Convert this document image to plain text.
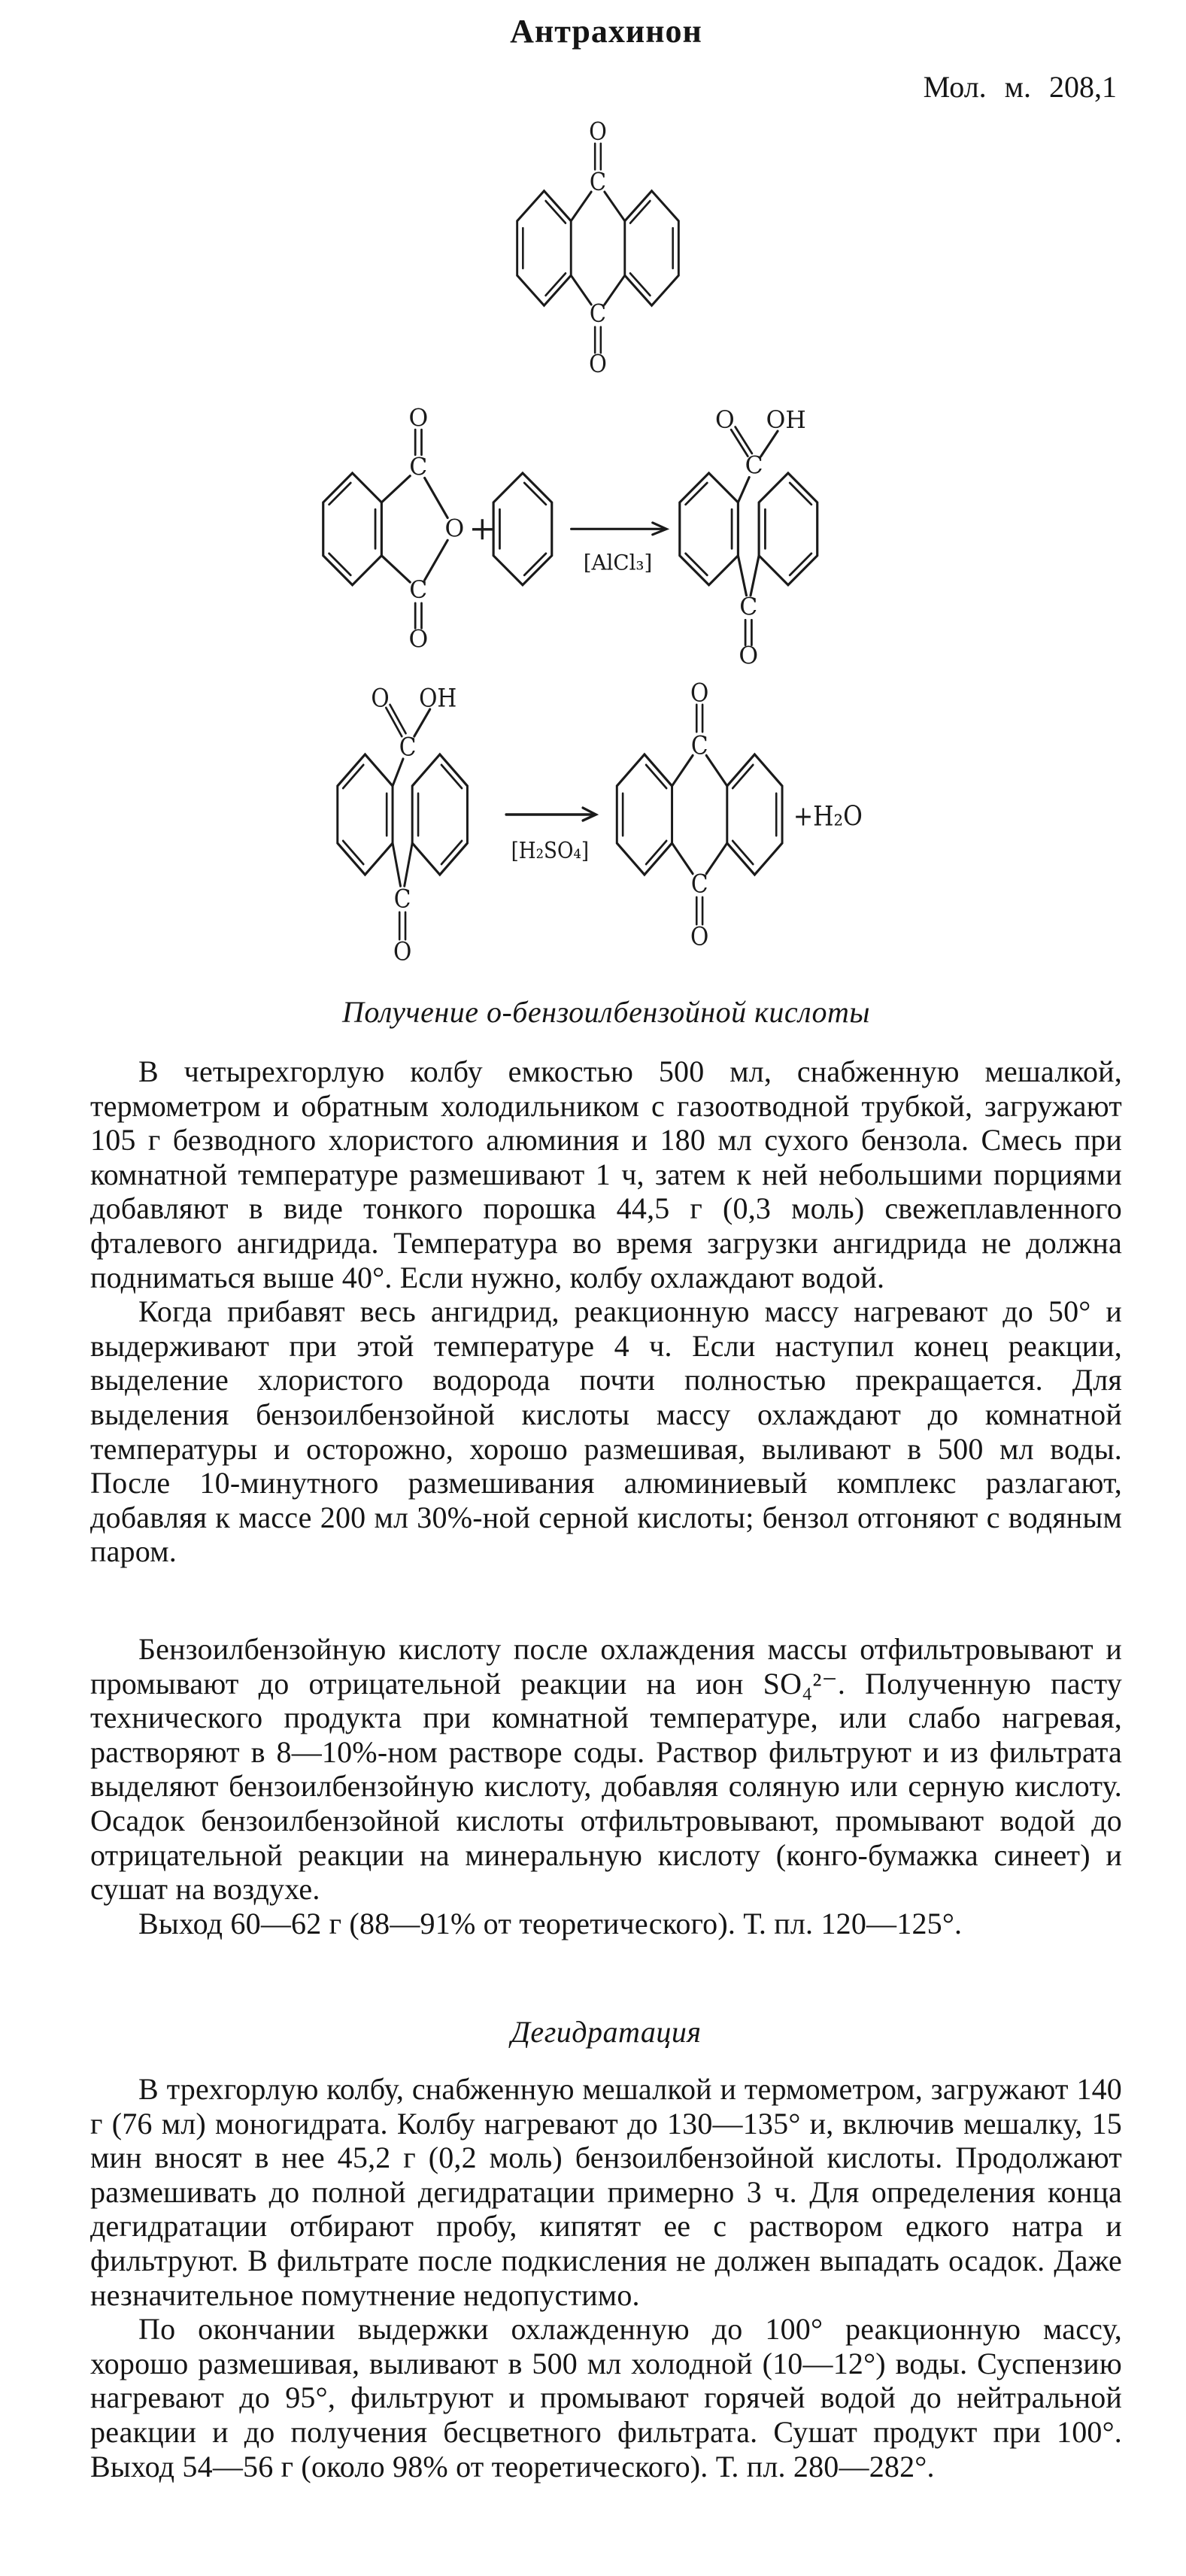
Антрахинон
Мол. м. 208,1
O
C
C
O
O
C
O
C
O
+
[AlCl₃]
O OH
C
C
O
O OH
C
C
O
[H₂SO₄]
O
C
C
O
+H₂O
Получение о-бензоилбензойной кислоты

В четырехгорлую колбу емкостью 500 мл, снабженную мешалкой, термометром и обратным холодильником с газоотводной трубкой, загружают 105 г безводного хлористого алюминия и 180 мл сухого бензола. Смесь при комнатной температуре размешивают 1 ч, затем к ней небольшими порциями добавляют в виде тонкого порошка 44,5 г (0,3 моль) свежеплавленного фталевого ангидрида. Температура во время загрузки ангидрида не должна подниматься выше 40°. Если нужно, колбу охлаждают водой.

Когда прибавят весь ангидрид, реакционную массу нагревают до 50° и выдерживают при этой температуре 4 ч. Если наступил конец реакции, выделение хлористого водорода почти полностью прекращается. Для выделения бензоилбензойной кислоты массу охлаждают до комнатной температуры и осторожно, хорошо размешивая, выливают в 500 мл воды. После 10-минутного размешивания алюминиевый комплекс разлагают, добавляя к массе 200 мл 30%-ной серной кислоты; бензол отгоняют с водяным паром.

Бензоилбензойную кислоту после охлаждения массы отфильтровывают и промывают до отрицательной реакции на ион SO₄²⁻. Полученную пасту технического продукта при комнатной температуре, или слабо нагревая, растворяют в 8—10%-ном растворе соды. Раствор фильтруют и из фильтрата выделяют бензоилбензойную кислоту, добавляя соляную или серную кислоту. Осадок бензоилбензойной кислоты отфильтровывают, промывают водой до отрицательной реакции на минеральную кислоту (конго-бумажка синеет) и сушат на воздухе.

Выход 60—62 г (88—91% от теоретического). Т. пл. 120—125°.

Дегидратация

В трехгорлую колбу, снабженную мешалкой и термометром, загружают 140 г (76 мл) моногидрата. Колбу нагревают до 130—135° и, включив мешалку, 15 мин вносят в нее 45,2 г (0,2 моль) бензоилбензойной кислоты. Продолжают размешивать до полной дегидратации примерно 3 ч. Для определения конца дегидратации отбирают пробу, кипятят ее с раствором едкого натра и фильтруют. В фильтрате после подкисления не должен выпадать осадок. Даже незначительное помутнение недопустимо.

По окончании выдержки охлажденную до 100° реакционную массу, хорошо размешивая, выливают в 500 мл холодной (10—12°) воды. Суспензию нагревают до 95°, фильтруют и промывают горячей водой до нейтральной реакции и до получения бесцветного фильтрата. Сушат продукт при 100°. Выход 54—56 г (около 98% от теоретического). Т. пл. 280—282°.
